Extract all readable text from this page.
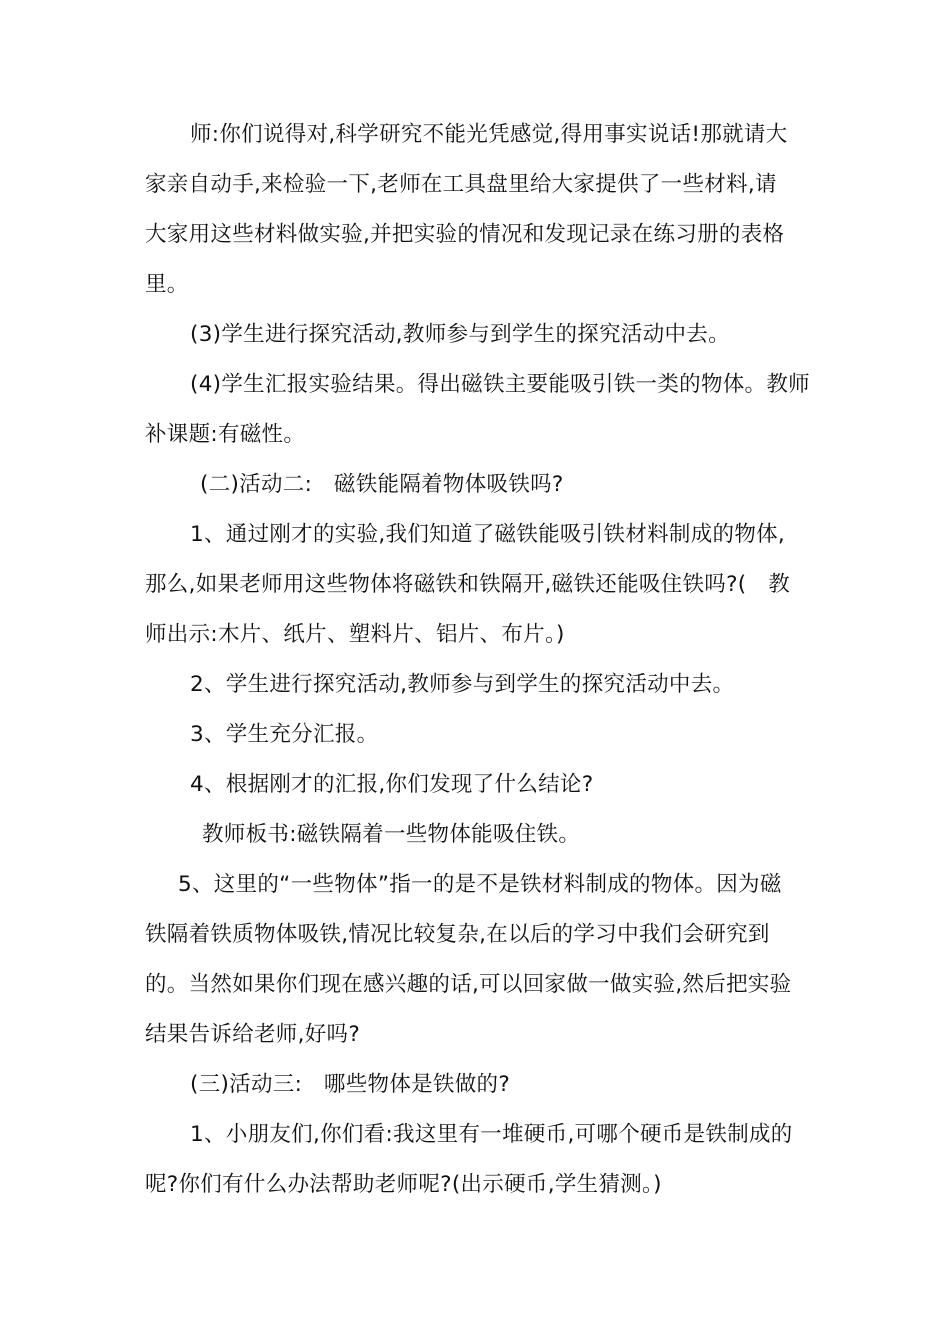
师:你们说得对,科学研究不能光凭感觉,得用事实说话!那就请大
家亲自动手,来检验一下,老师在工具盘里给大家提供了一些材料,请
大家用这些材料做实验,并把实验的情况和发现记录在练习册的表格
里。
(3)学生进行探究活动,教师参与到学生的探究活动中去。
(4)学生汇报实验结果。得出磁铁主要能吸引铁一类的物体。教师
补课题:有磁性。
(二)活动二:　磁铁能隔着物体吸铁吗?
1、通过刚才的实验,我们知道了磁铁能吸引铁材料制成的物体,
那么,如果老师用这些物体将磁铁和铁隔开,磁铁还能吸住铁吗?(　教
师出示:木片、纸片、塑料片、铝片、布片。)
2、学生进行探究活动,教师参与到学生的探究活动中去。
3、学生充分汇报。
4、根据刚才的汇报,你们发现了什么结论?
教师板书:磁铁隔着一些物体能吸住铁。
5、这里的“一些物体”指一的是不是铁材料制成的物体。因为磁
铁隔着铁质物体吸铁,情况比较复杂,在以后的学习中我们会研究到
的。当然如果你们现在感兴趣的话,可以回家做一做实验,然后把实验
结果告诉给老师,好吗?
(三)活动三:　哪些物体是铁做的?
1、小朋友们,你们看:我这里有一堆硬币,可哪个硬币是铁制成的
呢?你们有什么办法帮助老师呢?(出示硬币,学生猜测。)
